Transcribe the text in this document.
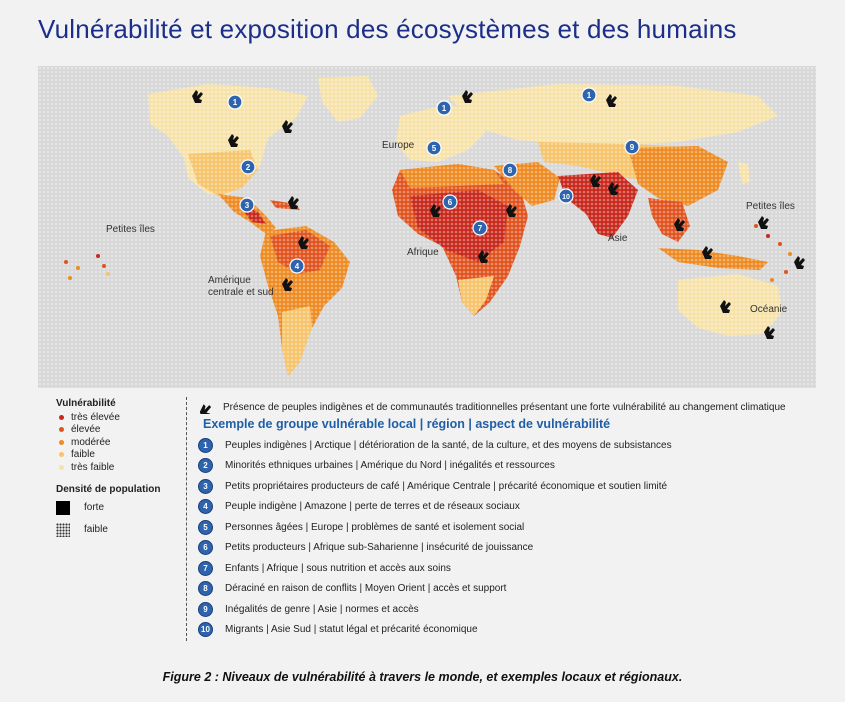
Vulnérabilité et exposition des écosystèmes et des humains
1
1
1
2
3
4
5
6
7
8
9
10
Europe
Petites îles
Amérique
centrale et sud
Afrique
Asie
Petites îles
Océanie
Vulnérabilité
très élevée
élevée
modérée
faible
très faible
Densité de population
forte
faible
Présence de peuples indigènes et de communautés traditionnelles présentant une forte vulnérabilité au changement climatique
Exemple de groupe vulnérable local | région | aspect de vulnérabilité
1	Peuples indigènes | Arctique | détérioration de la santé, de la culture, et des moyens de subsistances
2	Minorités ethniques urbaines | Amérique du Nord | inégalités et ressources
3	Petits propriétaires producteurs de café | Amérique Centrale | précarité économique et soutien limité
4	Peuple indigène | Amazone | perte de terres et de réseaux sociaux
5	Personnes âgées | Europe | problèmes de santé et isolement social
6	Petits producteurs | Afrique sub-Saharienne | insécurité de jouissance
7	Enfants | Afrique | sous nutrition et accès aux soins
8	Déraciné en raison de conflits | Moyen Orient | accès et support
9	Inégalités de genre | Asie | normes et accès
10	Migrants | Asie Sud | statut légal et précarité économique
Figure 2 : Niveaux de vulnérabilité à travers le monde, et exemples locaux et régionaux.
